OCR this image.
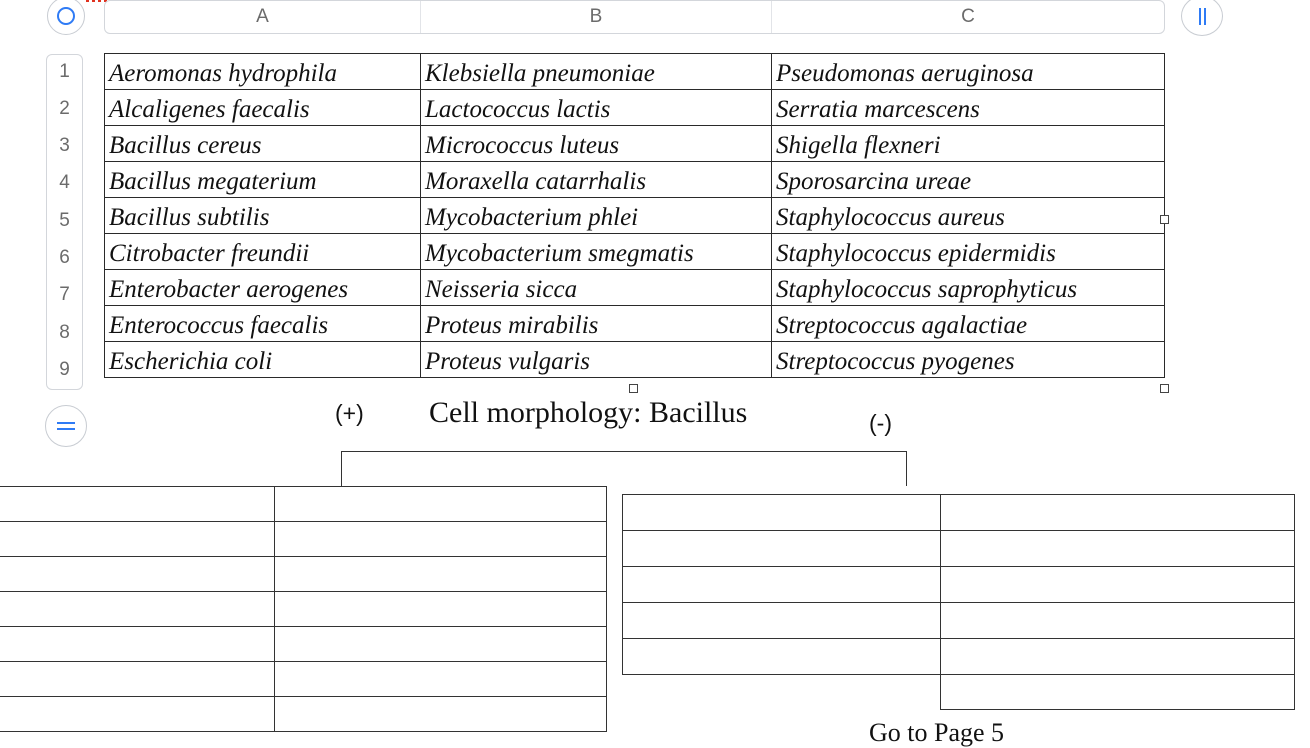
A	B	C
1
2
3
4
5
6
7
8
9
Aeromonas hydrophila	Klebsiella pneumoniae	Pseudomonas aeruginosa
Alcaligenes faecalis	Lactococcus lactis	Serratia marcescens
Bacillus cereus	Micrococcus luteus	Shigella flexneri
Bacillus megaterium	Moraxella catarrhalis	Sporosarcina ureae
Bacillus subtilis	Mycobacterium phlei	Staphylococcus aureus
Citrobacter freundii	Mycobacterium smegmatis	Staphylococcus epidermidis
Enterobacter aerogenes	Neisseria sicca	Staphylococcus saprophyticus
Enterococcus faecalis	Proteus mirabilis	Streptococcus agalactiae
Escherichia coli	Proteus vulgaris	Streptococcus pyogenes
(+) Cell morphology: Bacillus	(-)

Go to Page 5
